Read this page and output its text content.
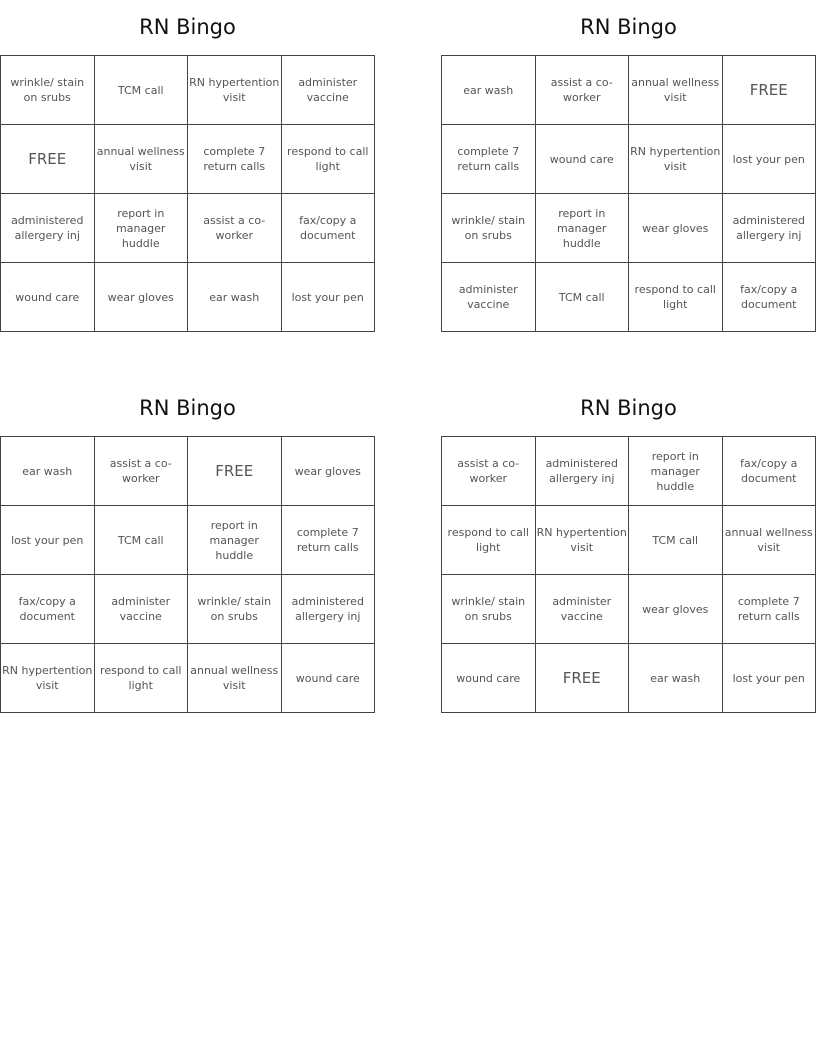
RN Bingo
wrinkle/ stain on srubs	TCM call	RN hypertention visit	administer vaccine
FREE	annual wellness visit	complete 7 return calls	respond to call light
administered allergery inj	report in manager huddle	assist a co-worker	fax/copy a document
wound care	wear gloves	ear wash	lost your pen
RN Bingo
ear wash	assist a co-worker	annual wellness visit	FREE
complete 7 return calls	wound care	RN hypertention visit	lost your pen
wrinkle/ stain on srubs	report in manager huddle	wear gloves	administered allergery inj
administer vaccine	TCM call	respond to call light	fax/copy a document
RN Bingo
ear wash	assist a co-worker	FREE	wear gloves
lost your pen	TCM call	report in manager huddle	complete 7 return calls
fax/copy a document	administer vaccine	wrinkle/ stain on srubs	administered allergery inj
RN hypertention visit	respond to call light	annual wellness visit	wound care
RN Bingo
assist a co-worker	administered allergery inj	report in manager huddle	fax/copy a document
respond to call light	RN hypertention visit	TCM call	annual wellness visit
wrinkle/ stain on srubs	administer vaccine	wear gloves	complete 7 return calls
wound care	FREE	ear wash	lost your pen
